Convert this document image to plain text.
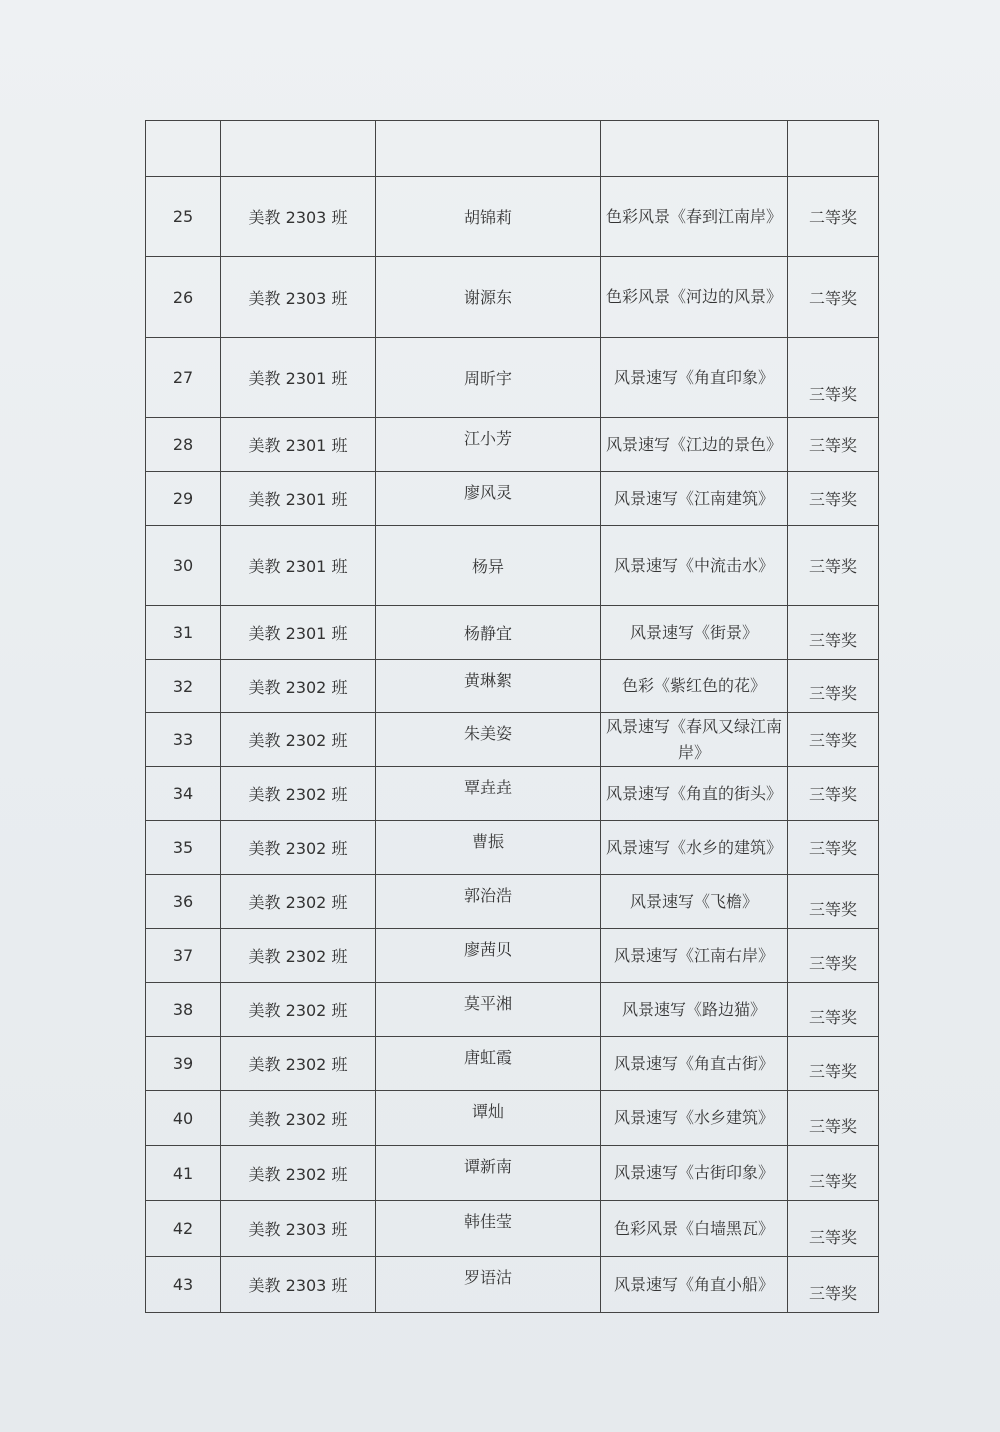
25	美教 2303 班	胡锦莉	色彩风景《春到江南岸》	二等奖
26	美教 2303 班	谢源东	色彩风景《河边的风景》	二等奖
27	美教 2301 班	周昕宇	风景速写《角直印象》	三等奖
28	美教 2301 班	江小芳	风景速写《江边的景色》	三等奖
29	美教 2301 班	廖风灵	风景速写《江南建筑》	三等奖
30	美教 2301 班	杨异	风景速写《中流击水》	三等奖
31	美教 2301 班	杨静宜	风景速写《街景》	三等奖
32	美教 2302 班	黄琳絮	色彩《紫红色的花》	三等奖
33	美教 2302 班	朱美姿	风景速写《春风又绿江南岸》	三等奖
34	美教 2302 班	覃垚垚	风景速写《角直的街头》	三等奖
35	美教 2302 班	曹振	风景速写《水乡的建筑》	三等奖
36	美教 2302 班	郭治浩	风景速写《飞檐》	三等奖
37	美教 2302 班	廖茜贝	风景速写《江南右岸》	三等奖
38	美教 2302 班	莫平湘	风景速写《路边猫》	三等奖
39	美教 2302 班	唐虹霞	风景速写《角直古街》	三等奖
40	美教 2302 班	谭灿	风景速写《水乡建筑》	三等奖
41	美教 2302 班	谭新南	风景速写《古街印象》	三等奖
42	美教 2303 班	韩佳莹	色彩风景《白墙黑瓦》	三等奖
43	美教 2303 班	罗语沽	风景速写《角直小船》	三等奖
